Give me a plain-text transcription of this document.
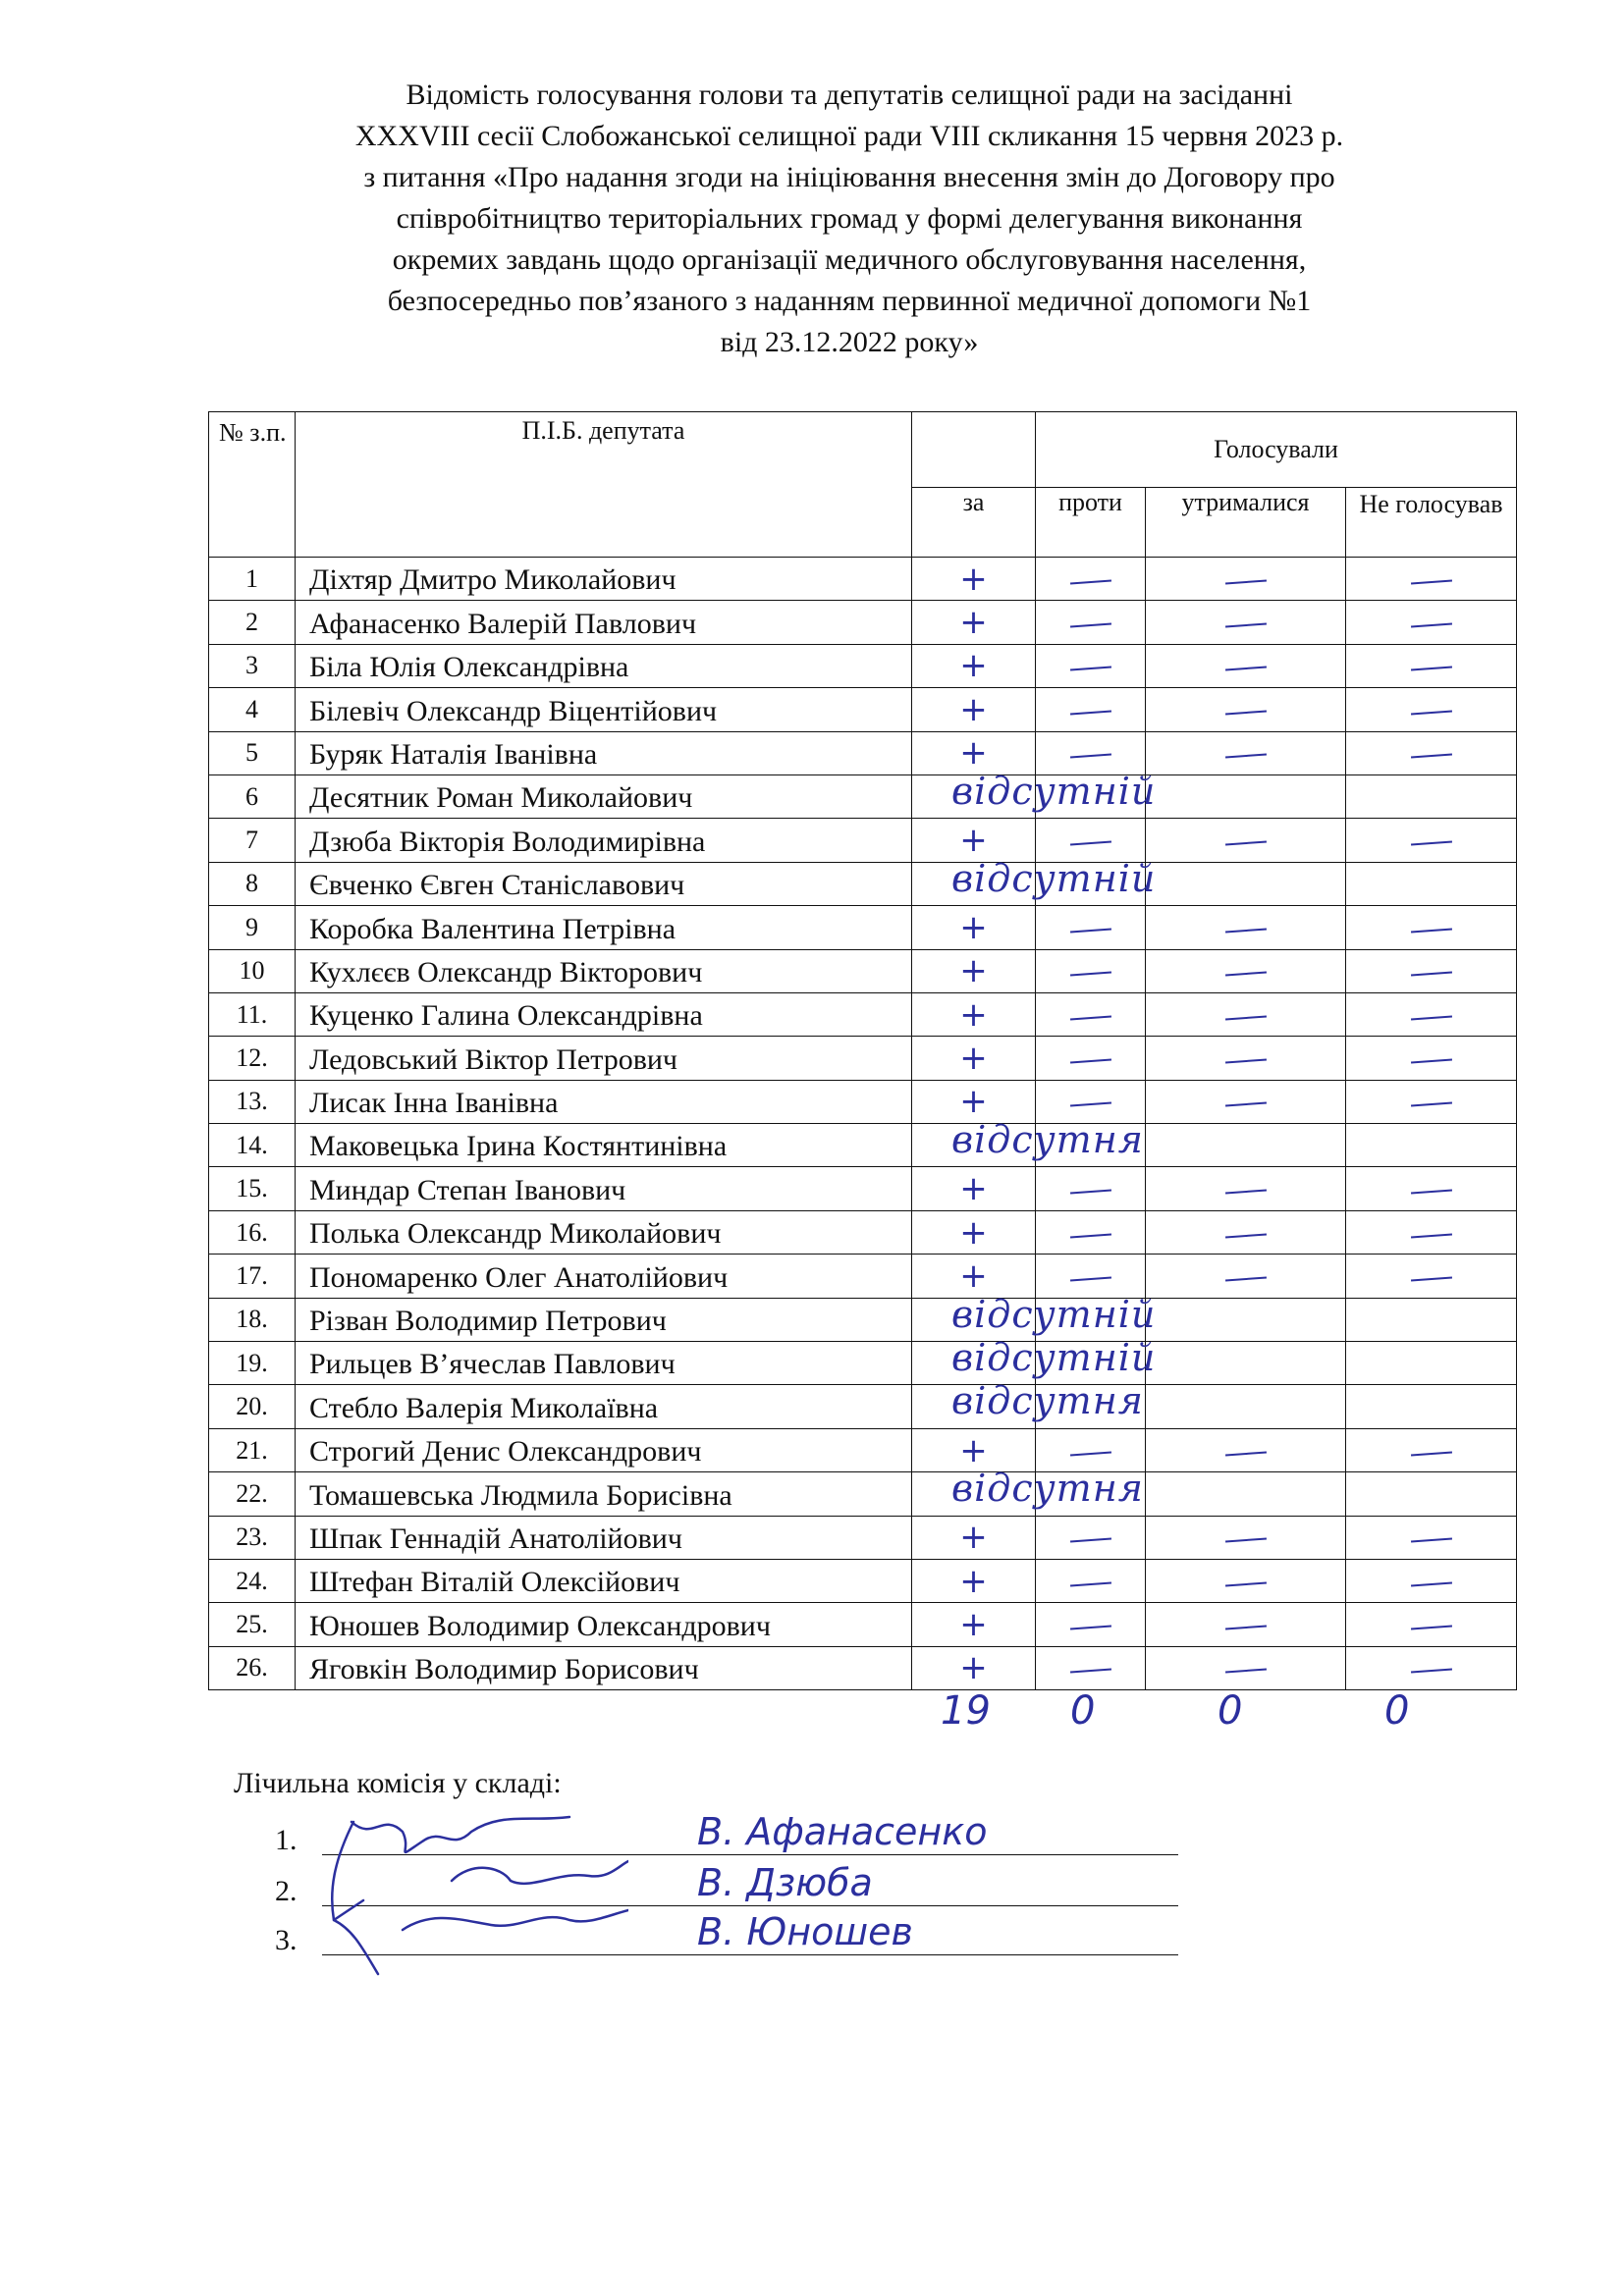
Відомість голосування голови та депутатів селищної ради на засіданні
XXXVIII сесії Слобожанської селищної ради VIII скликання 15 червня 2023 р.
з питання «Про надання згоди на ініціювання внесення змін до Договору про
співробітництво територіальних громад у формі делегування виконання
окремих завдань щодо організації медичного обслуговування населення,
безпосередньо пов’язаного з наданням первинної медичної допомоги №1
від 23.12.2022 року»
№ з.п.	П.І.Б. депутата		Голосували		
		за	проти	утрималися	Не голосував
1	Діхтяр Дмитро Миколайович	+			
2	Афанасенко Валерій Павлович	+			
3	Біла Юлія Олександрівна	+			
4	Білевіч Олександр Віцентійович	+			
5	Буряк Наталія Іванівна	+			
6	Десятник Роман Миколайович	відсутній			

7	Дзюба Вікторія Володимирівна	+			
8	Євченко Євген Станіславович	відсутній			

9	Коробка Валентина Петрівна	+			
10	Кухлєєв Олександр Вікторович	+			
11.	Куценко Галина Олександрівна	+			
12.	Ледовський Віктор Петрович	+			
13.	Лисак Інна Іванівна	+			
14.	Маковецька Ірина Костянтинівна	відсутня			

15.	Миндар Степан Іванович	+			
16.	Полька Олександр Миколайович	+			
17.	Пономаренко Олег Анатолійович	+			
18.	Різван Володимир Петрович	відсутній			

19.	Рильцев В’ячеслав Павлович	відсутній			

20.	Стебло Валерія Миколаївна	відсутня			

21.	Строгий Денис Олександрович	+			
22.	Томашевська Людмила Борисівна	відсутня			

23.	Шпак Геннадій Анатолійович	+			
24.	Штефан Віталій Олексійович	+			
25.	Юношев Володимир Олександрович	+			
26.	Яговкін Володимир Борисович	+			
19 0	0	0
Лічильна комісія у складі:
1.	В. Афанасенко
2.	В. Дзюба
3.	В. Юношев
